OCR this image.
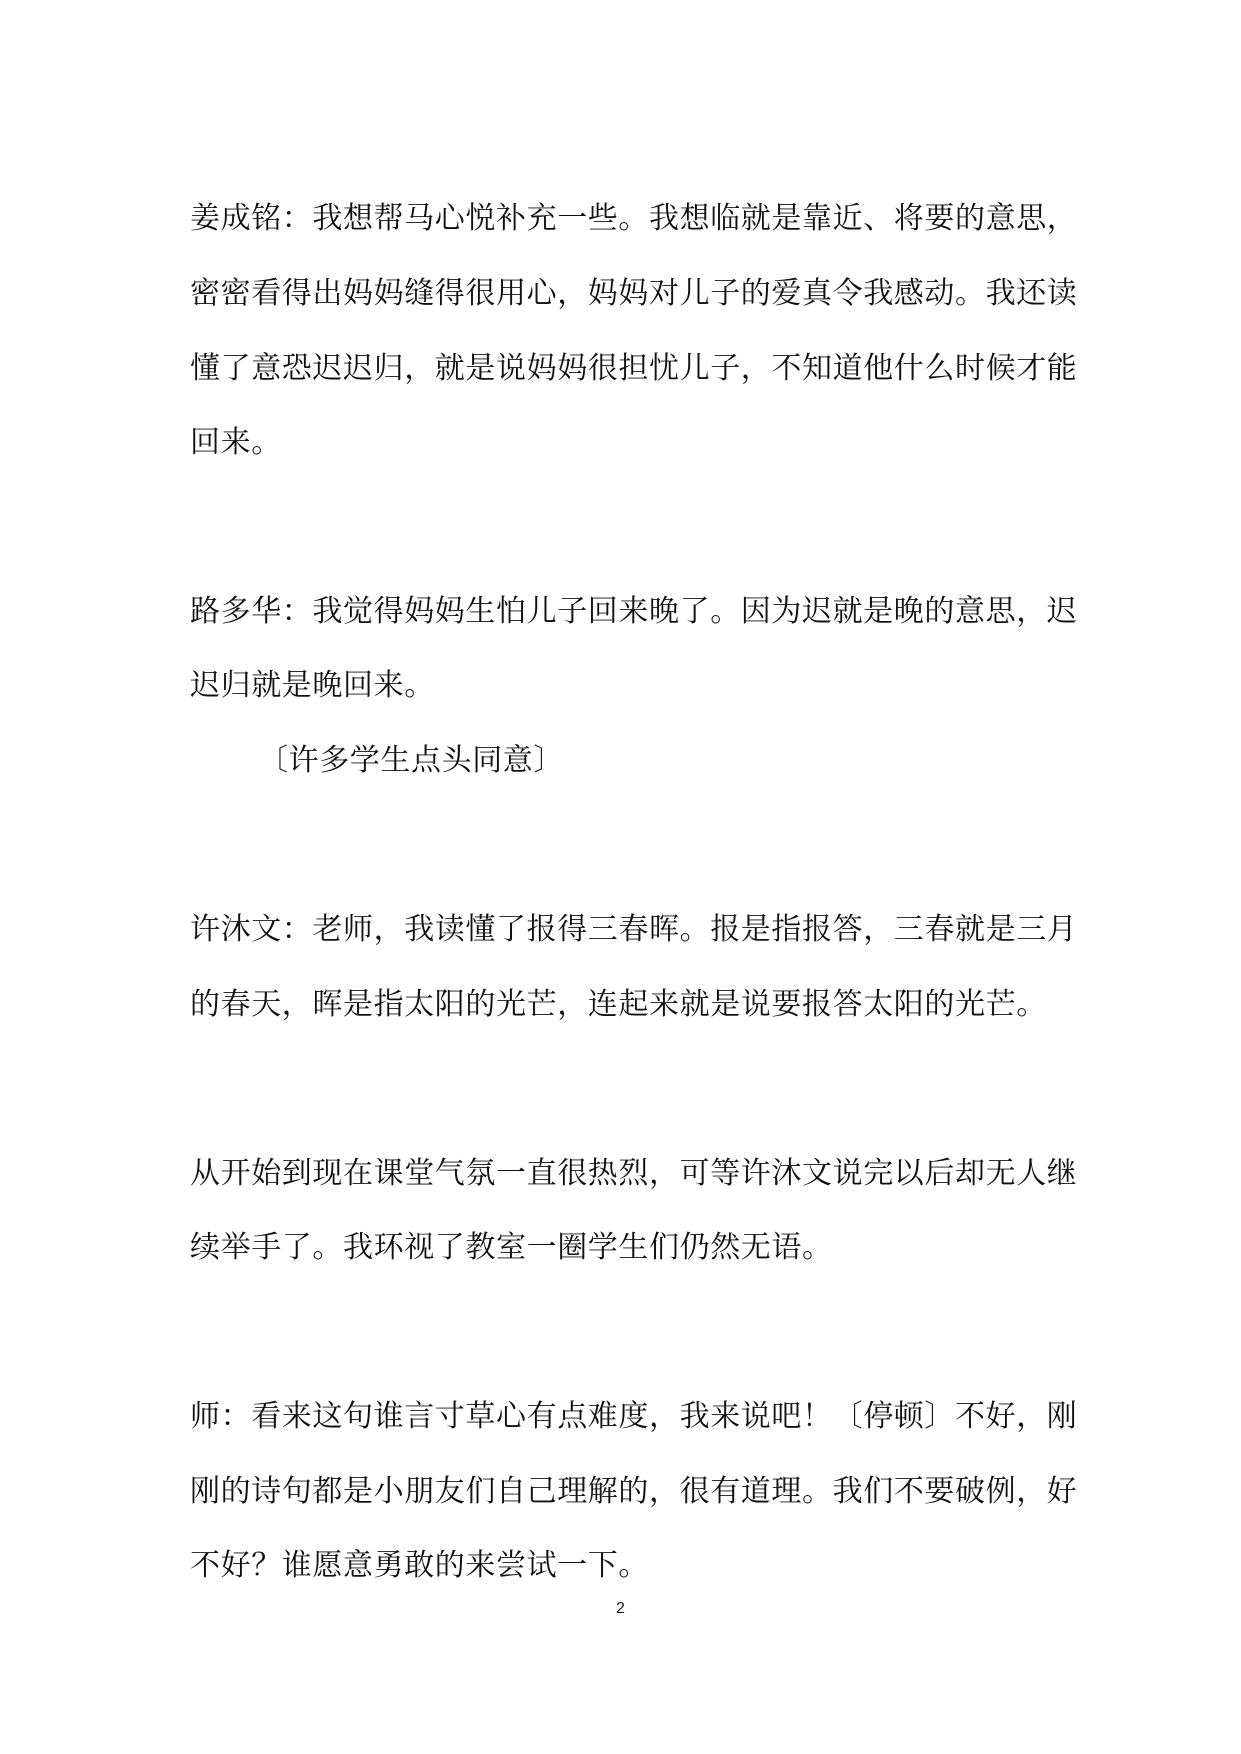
姜成铭：我想帮马心悦补充一些。我想临就是靠近、将要的意思，
密密看得出妈妈缝得很用心，妈妈对儿子的爱真令我感动。我还读
懂了意恐迟迟归，就是说妈妈很担忧儿子，不知道他什么时候才能
回来。
路多华：我觉得妈妈生怕儿子回来晚了。因为迟就是晚的意思，迟
迟归就是晚回来。
〔许多学生点头同意〕
许沐文：老师，我读懂了报得三春晖。报是指报答，三春就是三月
的春天，晖是指太阳的光芒，连起来就是说要报答太阳的光芒。
从开始到现在课堂气氛一直很热烈，可等许沐文说完以后却无人继
续举手了。我环视了教室一圈学生们仍然无语。
师：看来这句谁言寸草心有点难度，我来说吧！〔停顿〕不好，刚
刚的诗句都是小朋友们自己理解的，很有道理。我们不要破例，好
不好？谁愿意勇敢的来尝试一下。
2
